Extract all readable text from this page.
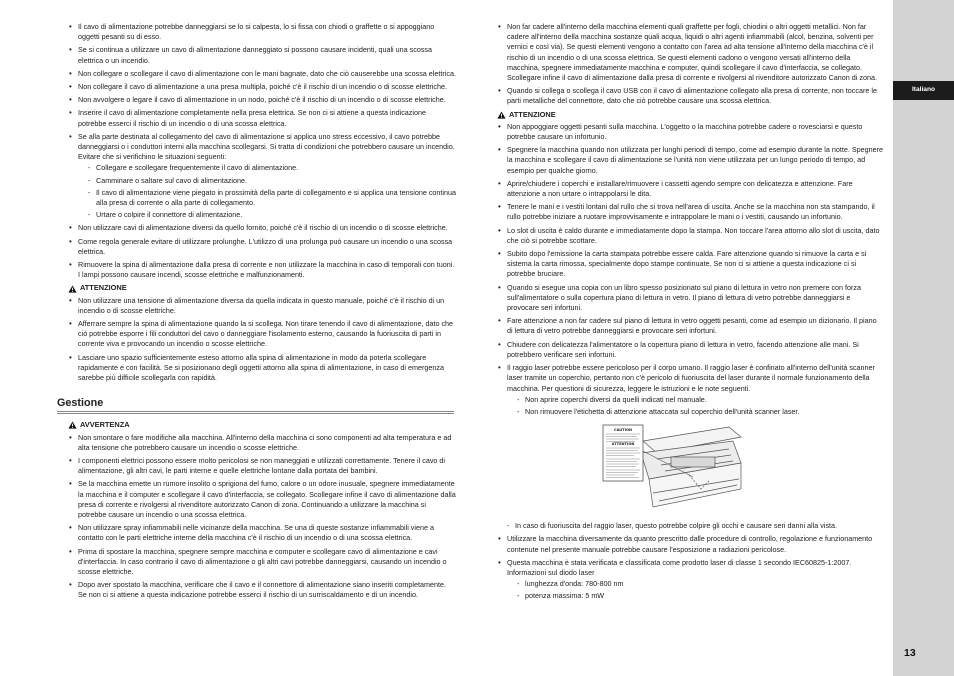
Italiano
13
• Il cavo di alimentazione potrebbe danneggiarsi se lo si calpesta, lo si fissa con chiodi o graffette o si appoggiano oggetti pesanti su di esso.
• Se si continua a utilizzare un cavo di alimentazione danneggiato si possono causare incidenti, quali una scossa elettrica o un incendio.
• Non collegare o scollegare il cavo di alimentazione con le mani bagnate, dato che ciò causerebbe una scossa elettrica.
• Non collegare il cavo di alimentazione a una presa multipla, poiché c'è il rischio di un incendio o di scosse elettriche.
• Non avvolgere o legare il cavo di alimentazione in un nodo, poiché c'è il rischio di un incendio o di scosse elettriche.
• Inserire il cavo di alimentazione completamente nella presa elettrica. Se non ci si attiene a questa indicazione potrebbe esserci il rischio di un incendio o di una scossa elettrica.
• Se alla parte destinata al collegamento del cavo di alimentazione si applica uno stress eccessivo, il cavo potrebbe danneggiarsi o i conduttori interni alla macchina scollegarsi. Si tratta di condizioni che potrebbero causare un incendio. Evitare che si verifichino le situazioni seguenti:
- Collegare e scollegare frequentemente il cavo di alimentazione.
- Camminare o saltare sul cavo di alimentazione.
- Il cavo di alimentazione viene piegato in prossimità della parte di collegamento e si applica una tensione continua alla presa di corrente o alla parte di collegamento.
- Urtare o colpire il connettore di alimentazione.
• Non utilizzare cavi di alimentazione diversi da quello fornito, poiché c'è il rischio di un incendio o di scosse elettriche.
• Come regola generale evitare di utilizzare prolunghe. L'utilizzo di una prolunga può causare un incendio o una scossa elettrica.
• Rimuovere la spina di alimentazione dalla presa di corrente e non utilizzare la macchina in caso di temporali con tuoni. I lampi possono causare incendi, scosse elettriche e malfunzionamenti.
ATTENZIONE
• Non utilizzare una tensione di alimentazione diversa da quella indicata in questo manuale, poiché c'è il rischio di un incendio o di scosse elettriche.
• Afferrare sempre la spina di alimentazione quando la si scollega. Non tirare tenendo il cavo di alimentazione, dato che ciò potrebbe esporre i fili conduttori del cavo o danneggiare l'isolamento esterno, causando la fuoriuscita di parti in corrente viva e provocando un incendio o scosse elettriche.
• Lasciare uno spazio sufficientemente esteso attorno alla spina di alimentazione in modo da poterla scollegare rapidamente e con facilità. Se si posizionano degli oggetti attorno alla spina di alimentazione, in caso di emergenza sarebbe più difficile scollegarla con rapidità.
Gestione
AVVERTENZA
• Non smontare o fare modifiche alla macchina. All'interno della macchina ci sono componenti ad alta temperatura e ad alta tensione che potrebbero causare un incendio o scosse elettriche.
• I componenti elettrici possono essere molto pericolosi se non maneggiati e utilizzati correttamente. Tenere il cavo di alimentazione, gli altri cavi, le parti interne e quelle elettriche lontane dalla portata dei bambini.
• Se la macchina emette un rumore insolito o sprigiona del fumo, calore o un odore inusuale, spegnere immediatamente la macchina e il computer e scollegare il cavo d'interfaccia, se collegato. Scollegare infine il cavo di alimentazione dalla presa di corrente e rivolgersi al rivenditore autorizzato Canon di zona. Continuando a utilizzare la macchina si potrebbe causare un incendio o una scossa elettrica.
• Non utilizzare spray infiammabili nelle vicinanze della macchina. Se una di queste sostanze infiammabili viene a contatto con le parti elettriche interne della macchina c'è il rischio di un incendio o di una scossa elettrica.
• Prima di spostare la macchina, spegnere sempre macchina e computer e scollegare cavo di alimentazione e cavi d'interfaccia. In caso contrario il cavo di alimentazione o gli altri cavi potrebbe danneggiarsi, causando un incendio o scosse elettriche.
• Dopo aver spostato la macchina, verificare che il cavo e il connettore di alimentazione siano inseriti completamente. Se non ci si attiene a questa indicazione potrebbe esserci il rischio di un surriscaldamento e di un incendio.
• Non far cadere all'interno della macchina elementi quali graffette per fogli, chiodini o altri oggetti metallici. Non far cadere all'interno della macchina sostanze quali acqua, liquidi o altri agenti infiammabili (alcol, benzina, solventi per vernici e così via). Se questi elementi vengono a contatto con l'area ad alta tensione all'interno della macchina c'è il rischio di un incendio o di una scossa elettrica. Se questi elementi cadono o vengono versati all'interno della macchina, spegnere immediatamente macchina e computer, quindi scollegare il cavo d'interfaccia, se collegato. Scollegare infine il cavo di alimentazione dalla presa di corrente e rivolgersi al rivenditore autorizzato Canon di zona.
• Quando si collega o scollega il cavo USB con il cavo di alimentazione collegato alla presa di corrente, non toccare le parti metalliche del connettore, dato che ciò potrebbe causare una scossa elettrica.
ATTENZIONE
• Non appoggiare oggetti pesanti sulla macchina. L'oggetto o la macchina potrebbe cadere o rovesciarsi e questo potrebbe causare un infortunio.
• Spegnere la macchina quando non utilizzata per lunghi periodi di tempo, come ad esempio durante la notte. Spegnere la macchina e scollegare il cavo di alimentazione se l'unità non viene utilizzata per un lungo periodo di tempo, ad esempio per qualche giorno.
• Aprire/chiudere i coperchi e installare/rimuovere i cassetti agendo sempre con delicatezza e attenzione. Fare attenzione a non urtare o intrappolarsi le dita.
• Tenere le mani e i vestiti lontani dal rullo che si trova nell'area di uscita. Anche se la macchina non sta stampando, il rullo potrebbe iniziare a ruotare improvvisamente e intrappolare le mani o i vestiti, causando un infortunio.
• Lo slot di uscita è caldo durante e immediatamente dopo la stampa. Non toccare l'area attorno allo slot di uscita, dato che ciò si potrebbe scottare.
• Subito dopo l'emissione la carta stampata potrebbe essere calda. Fare attenzione quando si rimuove la carta e si sistema la carta rimossa, specialmente dopo stampe continuate. Se non ci si attiene a questa indicazione ci si potrebbe bruciare.
• Quando si esegue una copia con un libro spesso posizionato sul piano di lettura in vetro non premere con forza sull'alimentatore o sulla copertura piano di lettura in vetro. Il piano di lettura di vetro potrebbe danneggiarsi e provocare seri infortuni.
• Fare attenzione a non far cadere sul piano di lettura in vetro oggetti pesanti, come ad esempio un dizionario. Il piano di lettura di vetro potrebbe danneggiarsi e provocare seri infortuni.
• Chiudere con delicatezza l'alimentatore o la copertura piano di lettura in vetro, facendo attenzione alle mani. Si potrebbero verificare seri infortuni.
• Il raggio laser potrebbe essere pericoloso per il corpo umano. Il raggio laser è confinato all'interno dell'unità scanner laser tramite un coperchio, pertanto non c'è pericolo di fuoriuscita del laser durante il normale funzionamento della macchina. Per questioni di sicurezza, leggere le istruzioni e le note seguenti.
- Non aprire coperchi diversi da quelli indicati nel manuale.
- Non rimuovere l'etichetta di attenzione attaccata sul coperchio dell'unità scanner laser.
CAUTION
ATTENTION
- In caso di fuoriuscita del raggio laser, questo potrebbe colpire gli occhi e causare seri danni alla vista.
• Utilizzare la macchina diversamente da quanto prescritto dalle procedure di controllo, regolazione e funzionamento contenute nel presente manuale potrebbe causare l'esposizione a radiazioni pericolose.
• Questa macchina è stata verificata e classificata come prodotto laser di classe 1 secondo IEC60825-1:2007. Informazioni sul diodo laser
- lunghezza d'onda: 780-800 nm
- potenza massima: 5 mW
